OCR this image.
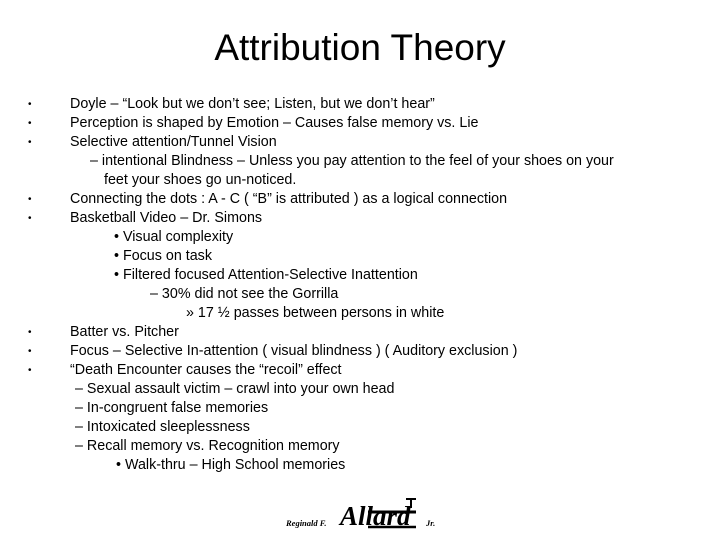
Attribution Theory
•
•
•
•
•
•
•
•
Doyle – “Look but we don’t see; Listen, but we don’t hear”
Perception is shaped by Emotion – Causes false memory vs. Lie
Selective attention/Tunnel Vision
– intentional Blindness – Unless you pay attention to the feel of your shoes on your
feet your shoes go un-noticed.
Connecting the dots : A - C ( “B” is attributed ) as a logical connection
Basketball Video – Dr. Simons
• Visual complexity
• Focus on task
• Filtered focused Attention-Selective Inattention
– 30% did not see the Gorrilla
» 17 ½ passes between persons in white
Batter vs. Pitcher
Focus – Selective In-attention ( visual blindness ) ( Auditory exclusion )
“Death Encounter causes the “recoil” effect
– Sexual assault victim – crawl into your own head
– In-congruent false memories
– Intoxicated sleeplessness
– Recall memory vs. Recognition memory
• Walk-thru – High School memories
Reginald F. Allard Jr.
